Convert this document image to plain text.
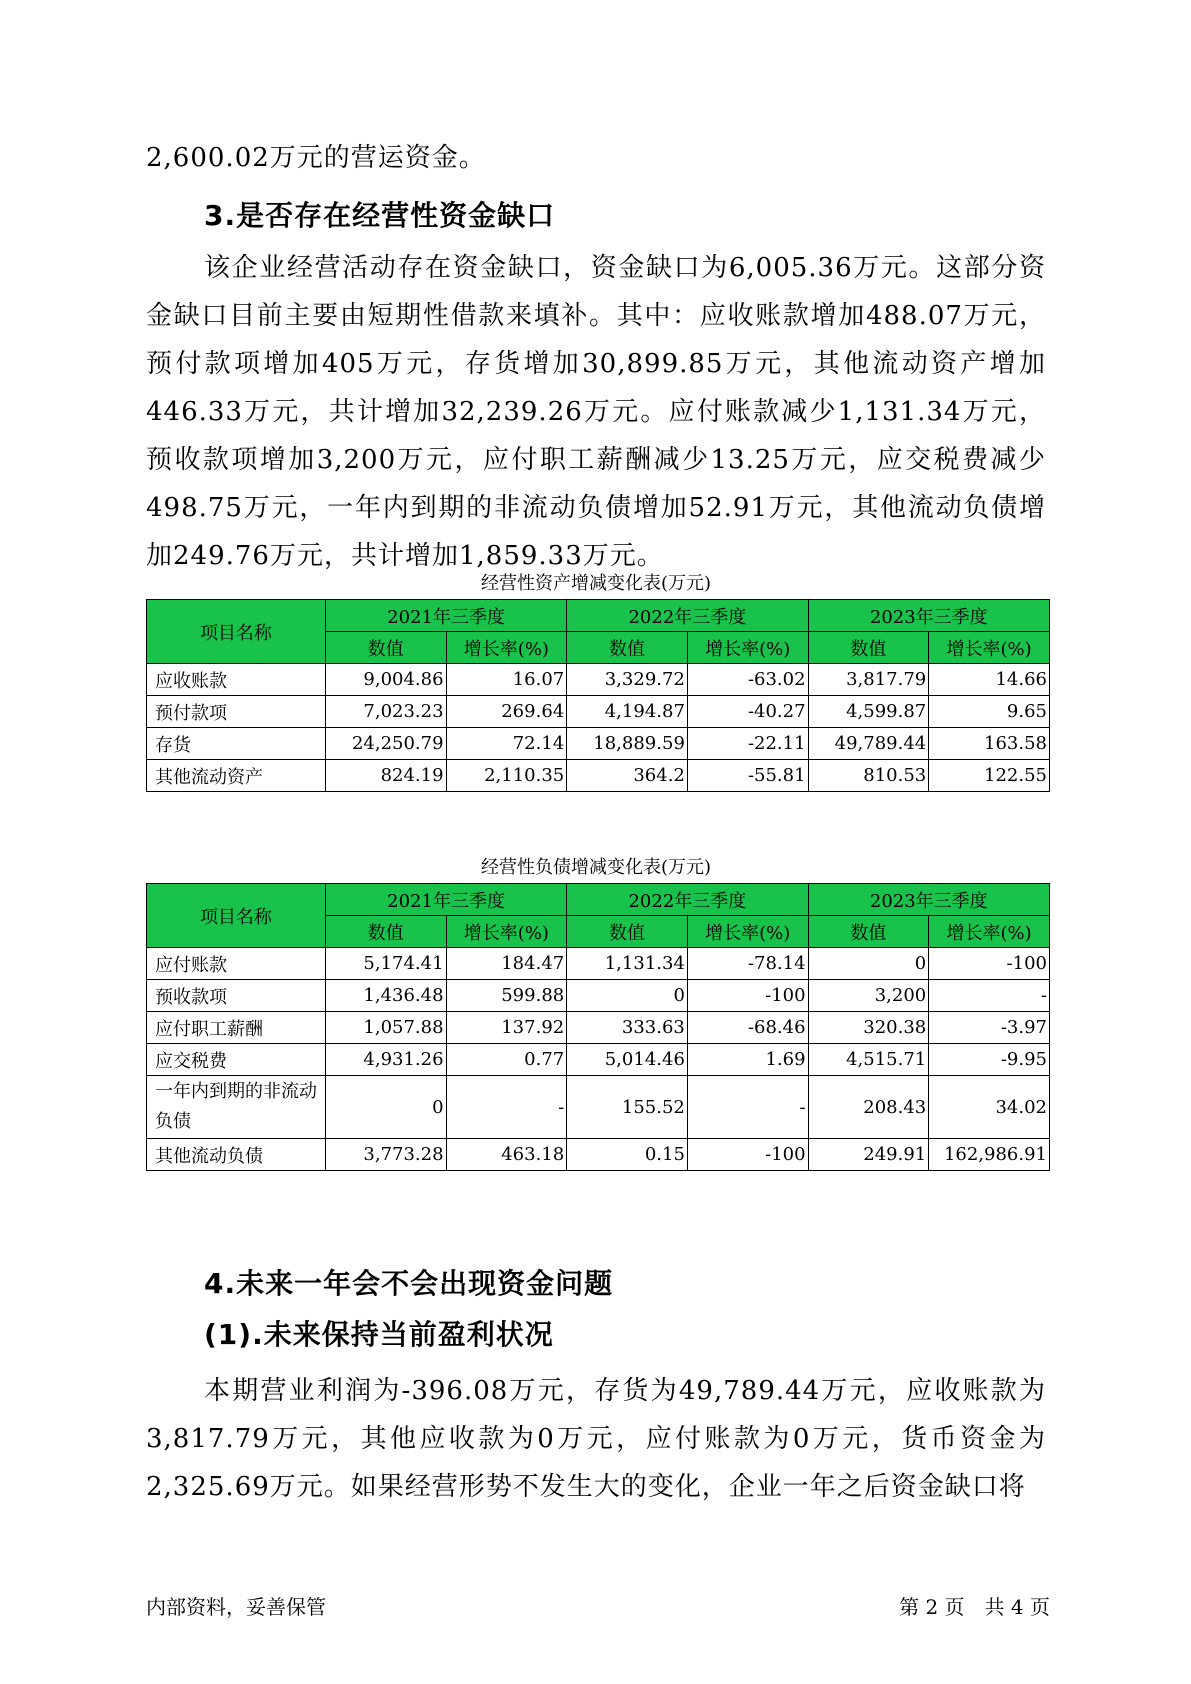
2,600.02万元的营运资金。

3.是否存在经营性资金缺口

该企业经营活动存在资金缺口，资金缺口为6,005.36万元。这部分资金缺口目前主要由短期性借款来填补。其中：应收账款增加488.07万元，预付款项增加405万元，存货增加30,899.85万元，其他流动资产增加446.33万元，共计增加32,239.26万元。应付账款减少1,131.34万元，预收款项增加3,200万元，应付职工薪酬减少13.25万元，应交税费减少498.75万元，一年内到期的非流动负债增加52.91万元，其他流动负债增加249.76万元，共计增加1,859.33万元。

经营性资产增减变化表(万元)
项目名称	2021年三季度		2022年三季度		2023年三季度	
	数值	增长率(%)	数值	增长率(%)	数值	增长率(%)
应收账款	9,004.86	16.07	3,329.72	-63.02	3,817.79	14.66
预付款项	7,023.23	269.64	4,194.87	-40.27	4,599.87	9.65
存货	24,250.79	72.14	18,889.59	-22.11	49,789.44	163.58
其他流动资产	824.19	2,110.35	364.2	-55.81	810.53	122.55
经营性负债增减变化表(万元)
项目名称	2021年三季度		2022年三季度		2023年三季度	
	数值	增长率(%)	数值	增长率(%)	数值	增长率(%)
应付账款	5,174.41	184.47	1,131.34	-78.14	0	-100
预收款项	1,436.48	599.88	0	-100	3,200	-
应付职工薪酬	1,057.88	137.92	333.63	-68.46	320.38	-3.97
应交税费	4,931.26	0.77	5,014.46	1.69	4,515.71	-9.95
一年内到期的非流动负债	0	-	155.52	-	208.43	34.02
其他流动负债	3,773.28	463.18	0.15	-100	249.91	162,986.91
4.未来一年会不会出现资金问题
(1).未来保持当前盈利状况

本期营业利润为-396.08万元，存货为49,789.44万元，应收账款为3,817.79万元，其他应收款为0万元，应付账款为0万元，货币资金为2,325.69万元。如果经营形势不发生大的变化，企业一年之后资金缺口将

内部资料，妥善保管	第 2 页　共 4 页
